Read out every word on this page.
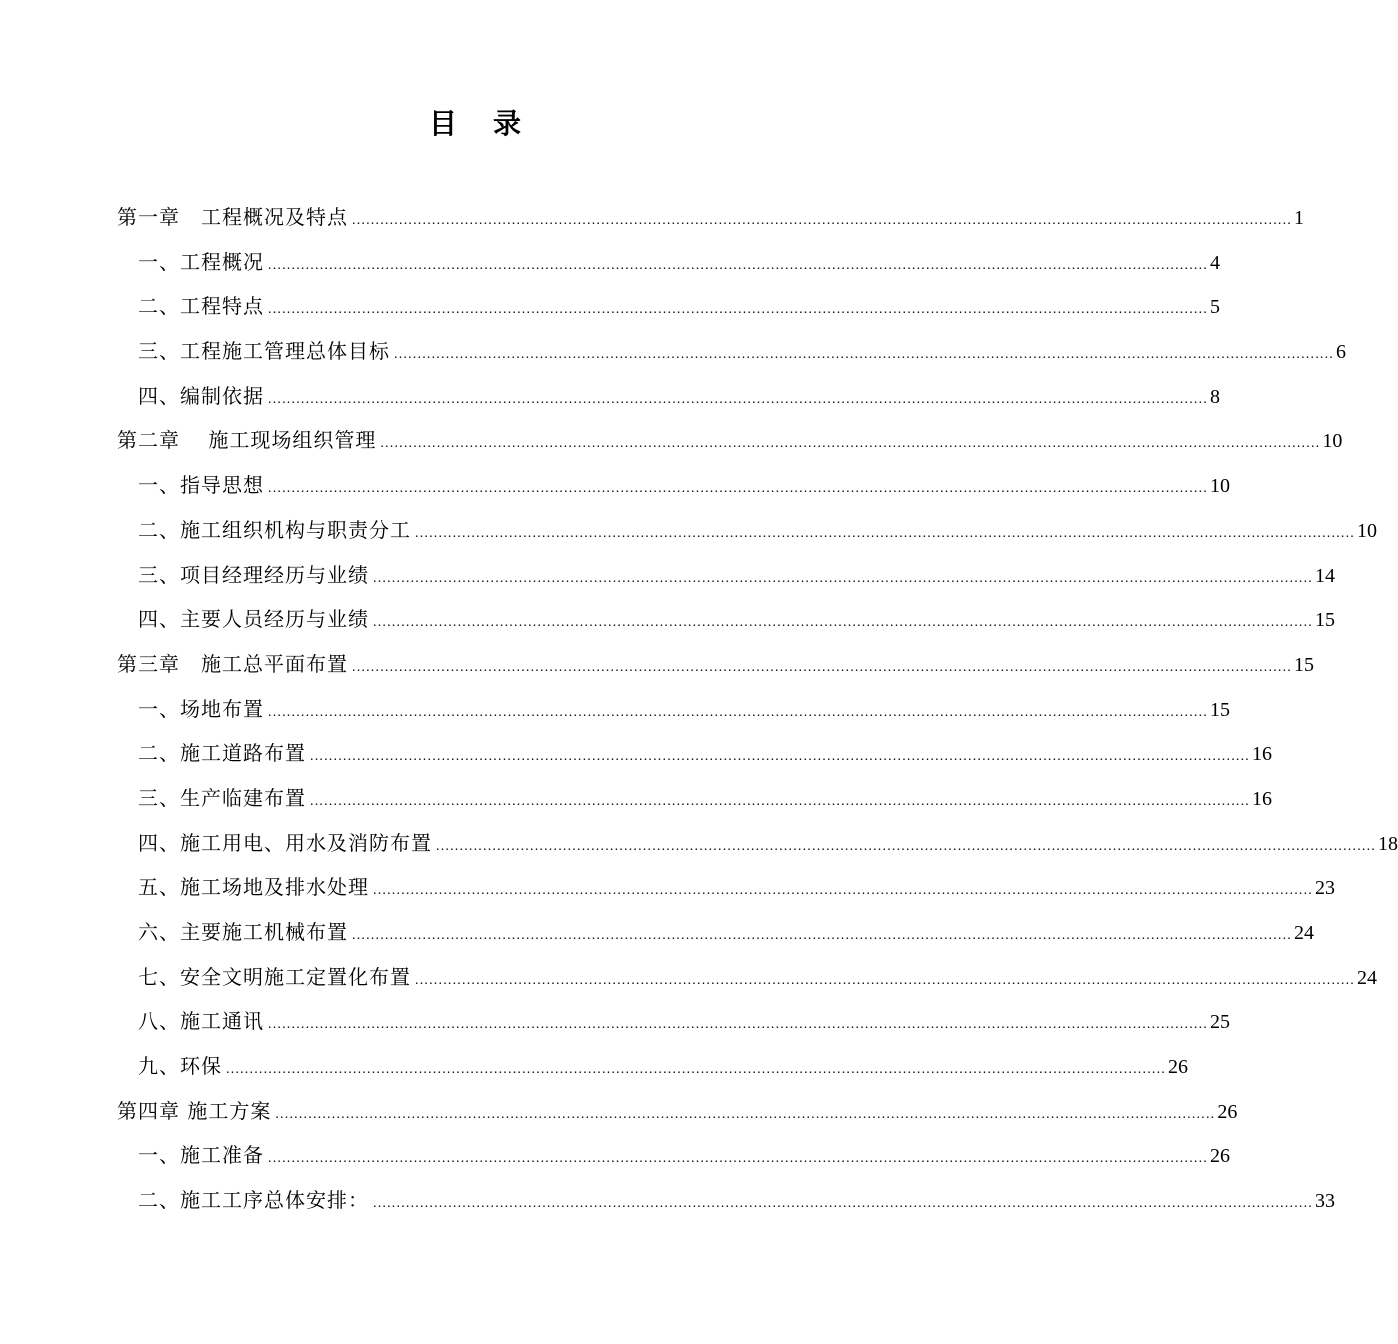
目录
第一章　工程概况及特点 ........................................................................................................................................................................................................ 1
一、工程概况 ........................................................................................................................................................................................................ 4
二、工程特点 ........................................................................................................................................................................................................ 5
三、工程施工管理总体目标 ........................................................................................................................................................................................................ 6
四、编制依据 ........................................................................................................................................................................................................ 8
第二章　 施工现场组织管理 ........................................................................................................................................................................................................ 10
一、指导思想 ........................................................................................................................................................................................................ 10
二、施工组织机构与职责分工 ........................................................................................................................................................................................................ 10
三、项目经理经历与业绩 ........................................................................................................................................................................................................ 14
四、主要人员经历与业绩 ........................................................................................................................................................................................................ 15
第三章　施工总平面布置 ........................................................................................................................................................................................................ 15
一、场地布置 ........................................................................................................................................................................................................ 15
二、施工道路布置 ........................................................................................................................................................................................................ 16
三、生产临建布置 ........................................................................................................................................................................................................ 16
四、施工用电、用水及消防布置 ........................................................................................................................................................................................................ 18
五、施工场地及排水处理 ........................................................................................................................................................................................................ 23
六、主要施工机械布置 ........................................................................................................................................................................................................ 24
七、安全文明施工定置化布置 ........................................................................................................................................................................................................ 24
八、施工通讯 ........................................................................................................................................................................................................ 25
九、环保 ........................................................................................................................................................................................................ 26
第四章 施工方案 ........................................................................................................................................................................................................ 26
一、施工准备 ........................................................................................................................................................................................................ 26
二、施工工序总体安排： ........................................................................................................................................................................................................ 33
